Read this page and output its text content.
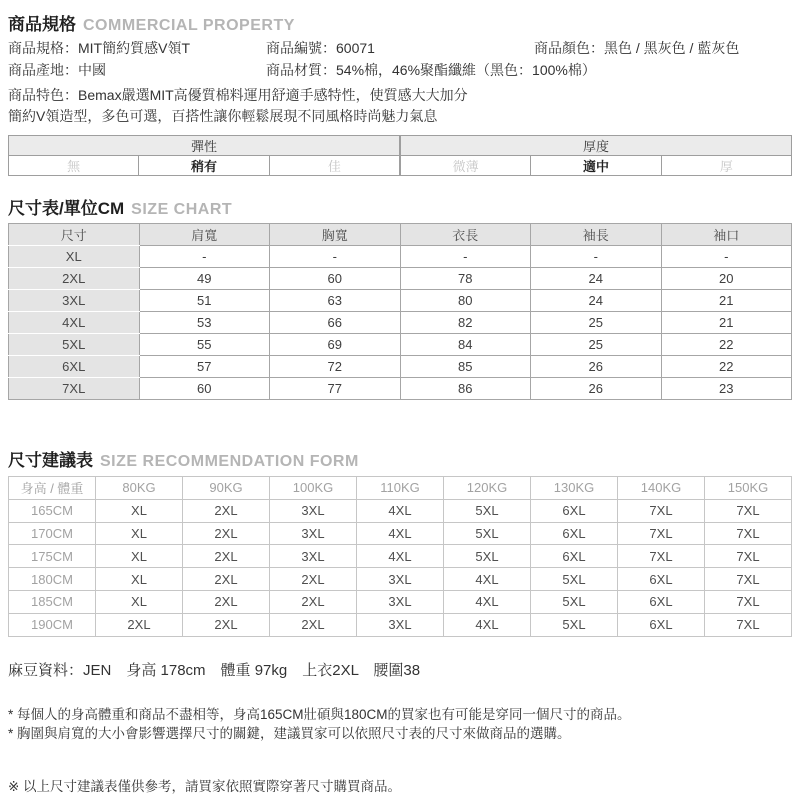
商品規格 COMMERCIAL PROPERTY
商品規格：MIT簡約質感V領T	商品編號：60071	商品顏色：黑色 / 黑灰色 / 藍灰色
商品產地：中國	商品材質：54%棉，46%聚酯纖維（黑色：100%棉）
商品特色：Bemax嚴選MIT高優質棉料運用舒適手感特性，使質感大大加分
簡約V領造型，多色可選，百搭性讓你輕鬆展現不同風格時尚魅力氣息
彈性
無	稍有	佳
厚度
微薄	適中	厚
尺寸表/單位CM SIZE CHART
尺寸	肩寬	胸寬	衣長	袖長	袖口
XL	-	-	-	-	-
2XL	49	60	78	24	20
3XL	51	63	80	24	21
4XL	53	66	82	25	21
5XL	55	69	84	25	22
6XL	57	72	85	26	22
7XL	60	77	86	26	23
尺寸建議表 SIZE RECOMMENDATION FORM
身高 / 體重	80KG	90KG	100KG	110KG	120KG	130KG	140KG	150KG
165CM	XL	2XL	3XL	4XL	5XL	6XL	7XL	7XL
170CM	XL	2XL	3XL	4XL	5XL	6XL	7XL	7XL
175CM	XL	2XL	3XL	4XL	5XL	6XL	7XL	7XL
180CM	XL	2XL	2XL	3XL	4XL	5XL	6XL	7XL
185CM	XL	2XL	2XL	3XL	4XL	5XL	6XL	7XL
190CM	2XL	2XL	2XL	3XL	4XL	5XL	6XL	7XL
麻豆資料：JEN　身高 178cm　體重 97kg　上衣2XL　腰圍38
* 每個人的身高體重和商品不盡相等，身高165CM壯碩與180CM的買家也有可能是穿同一個尺寸的商品。
* 胸圍與肩寬的大小會影響選擇尺寸的關鍵，建議買家可以依照尺寸表的尺寸來做商品的選購。
※ 以上尺寸建議表僅供參考，請買家依照實際穿著尺寸購買商品。
